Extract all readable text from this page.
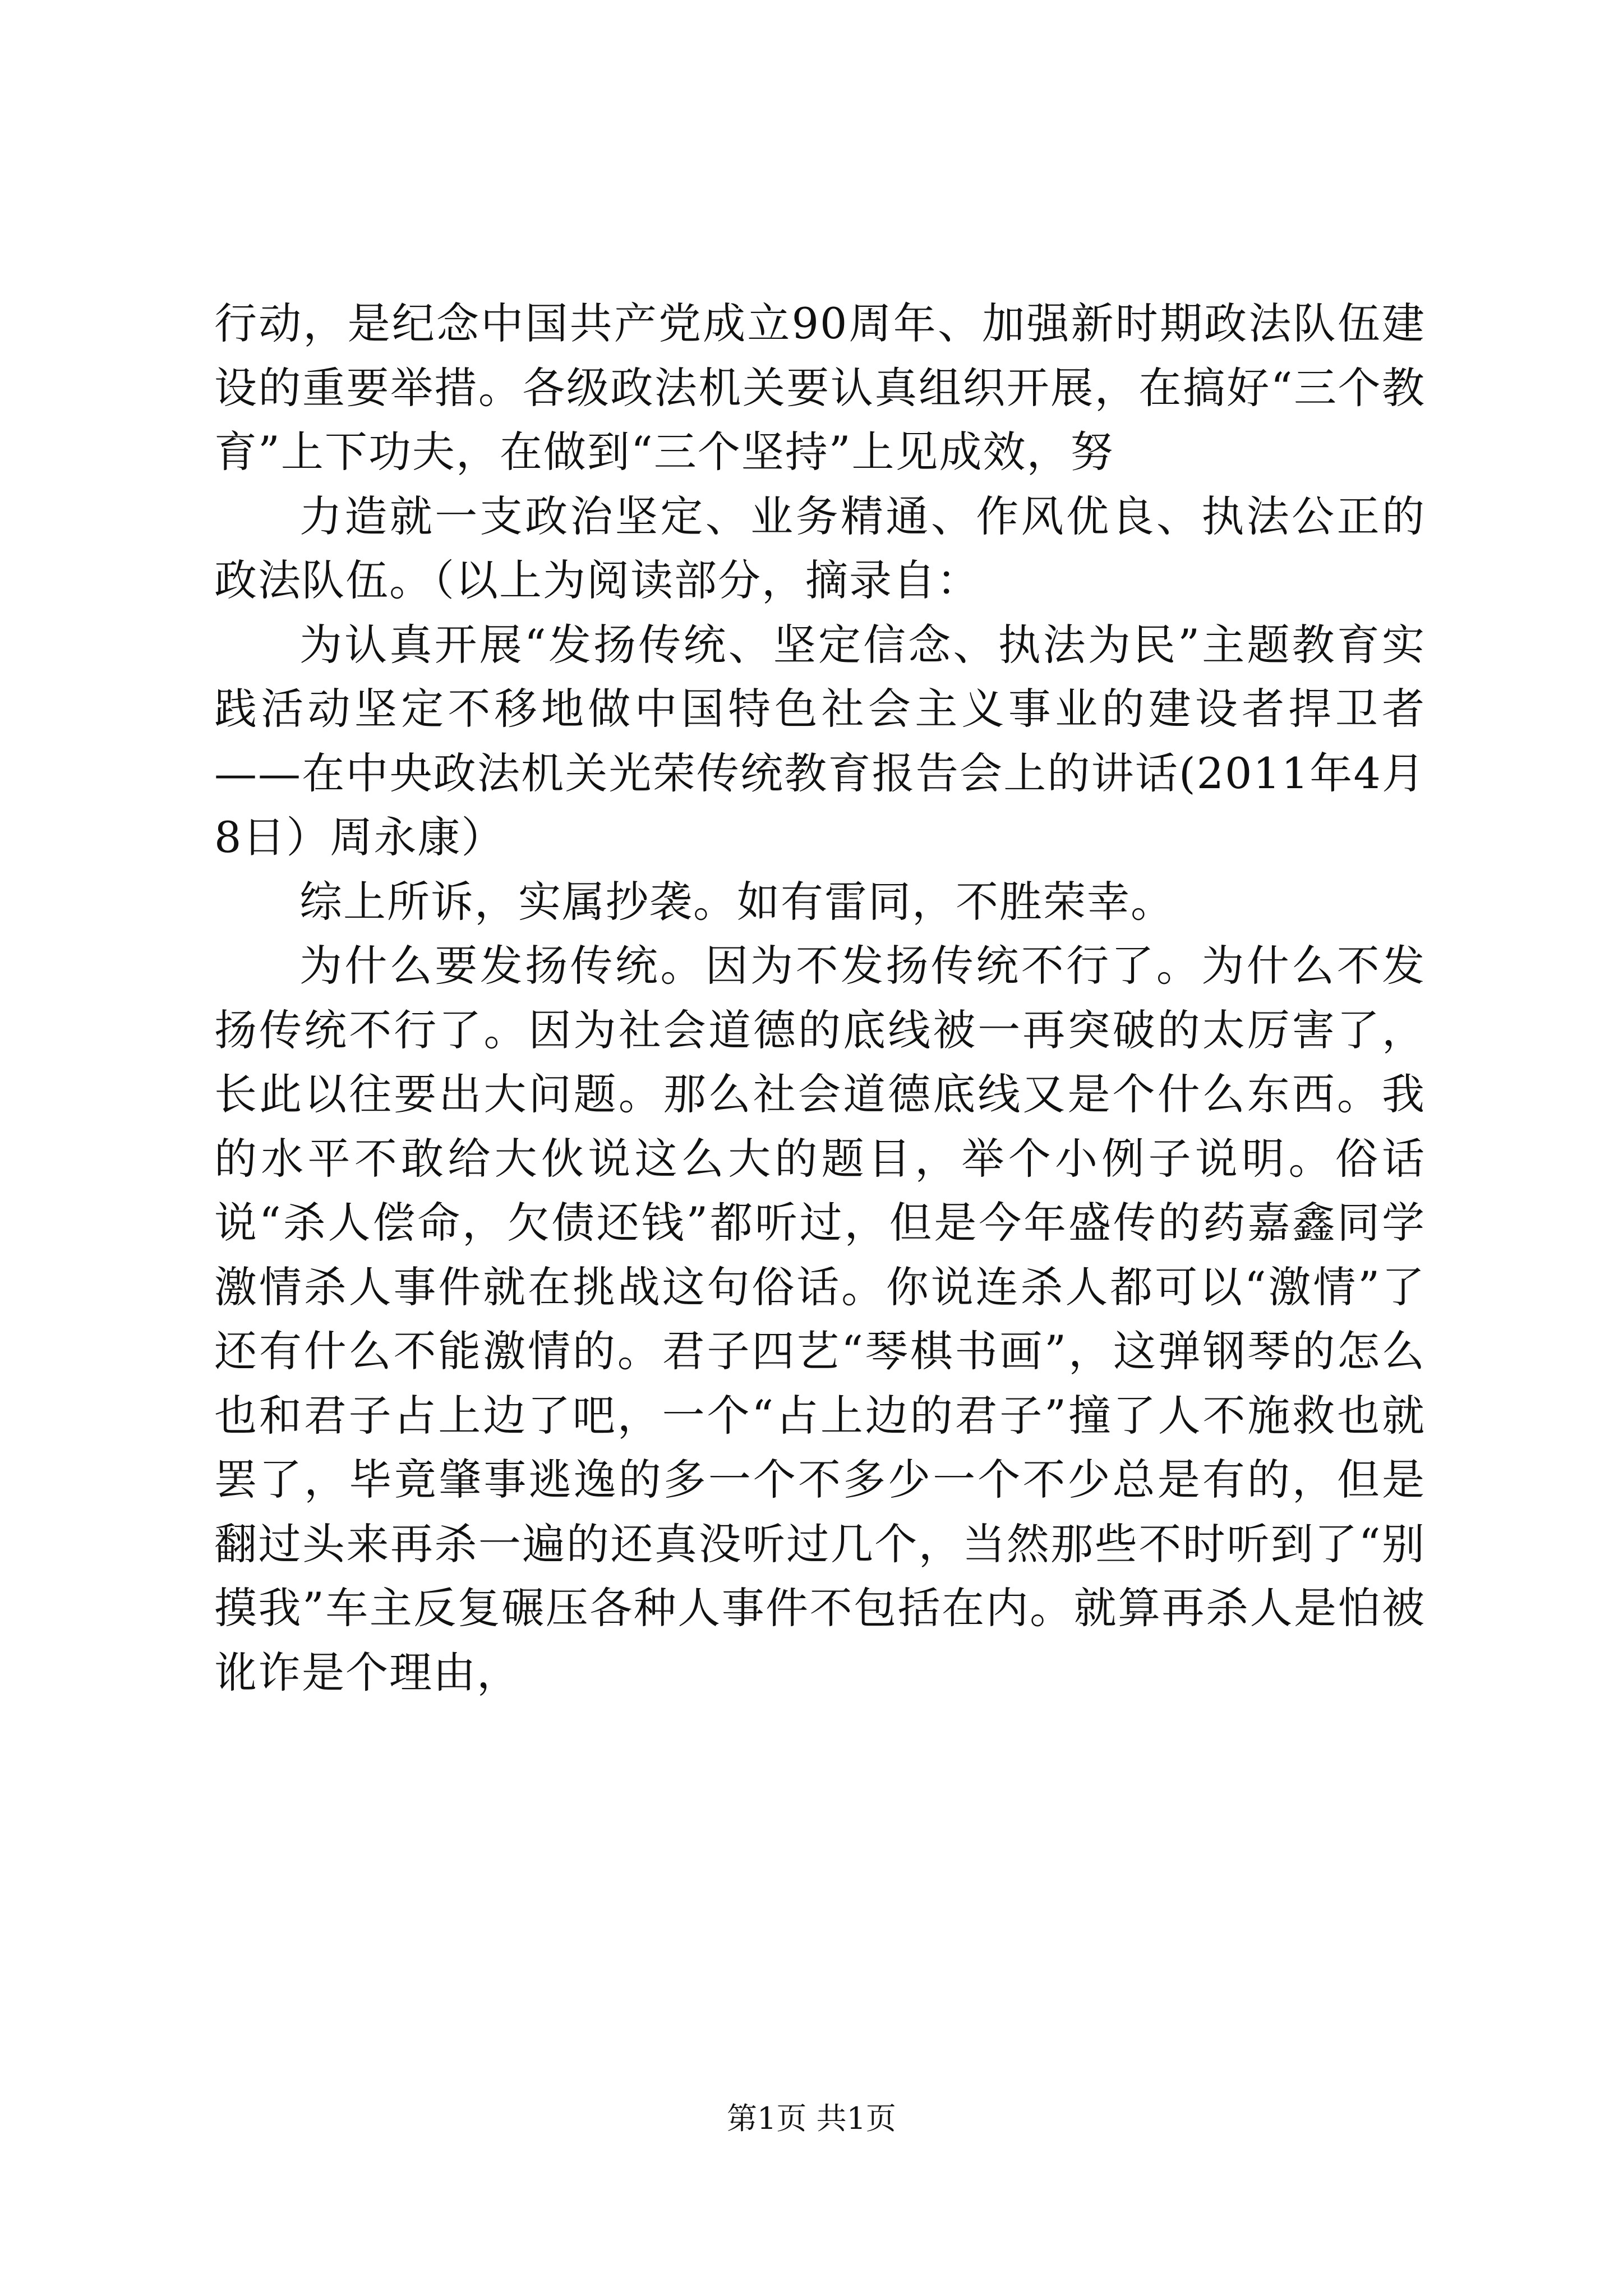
行动，是纪念中国共产党成立90周年、加强新时期政法队伍建设的重要举措。各级政法机关要认真组织开展，在搞好“三个教育”上下功夫，在做到“三个坚持”上见成效，努

力造就一支政治坚定、业务精通、作风优良、执法公正的政法队伍。（以上为阅读部分，摘录自：

为认真开展“发扬传统、坚定信念、执法为民”主题教育实践活动坚定不移地做中国特色社会主义事业的建设者捍卫者——在中央政法机关光荣传统教育报告会上的讲话(2011年4月8日）周永康）

综上所诉，实属抄袭。如有雷同，不胜荣幸。

为什么要发扬传统。因为不发扬传统不行了。为什么不发扬传统不行了。因为社会道德的底线被一再突破的太厉害了，长此以往要出大问题。那么社会道德底线又是个什么东西。我的水平不敢给大伙说这么大的题目，举个小例子说明。俗话说“杀人偿命，欠债还钱”都听过，但是今年盛传的药嘉鑫同学激情杀人事件就在挑战这句俗话。你说连杀人都可以“激情”了还有什么不能激情的。君子四艺“琴棋书画”，这弹钢琴的怎么也和君子占上边了吧，一个“占上边的君子”撞了人不施救也就罢了，毕竟肇事逃逸的多一个不多少一个不少总是有的，但是翻过头来再杀一遍的还真没听过几个，当然那些不时听到了“别摸我”车主反复碾压各种人事件不包括在内。就算再杀人是怕被讹诈是个理由，

第1页 共1页
